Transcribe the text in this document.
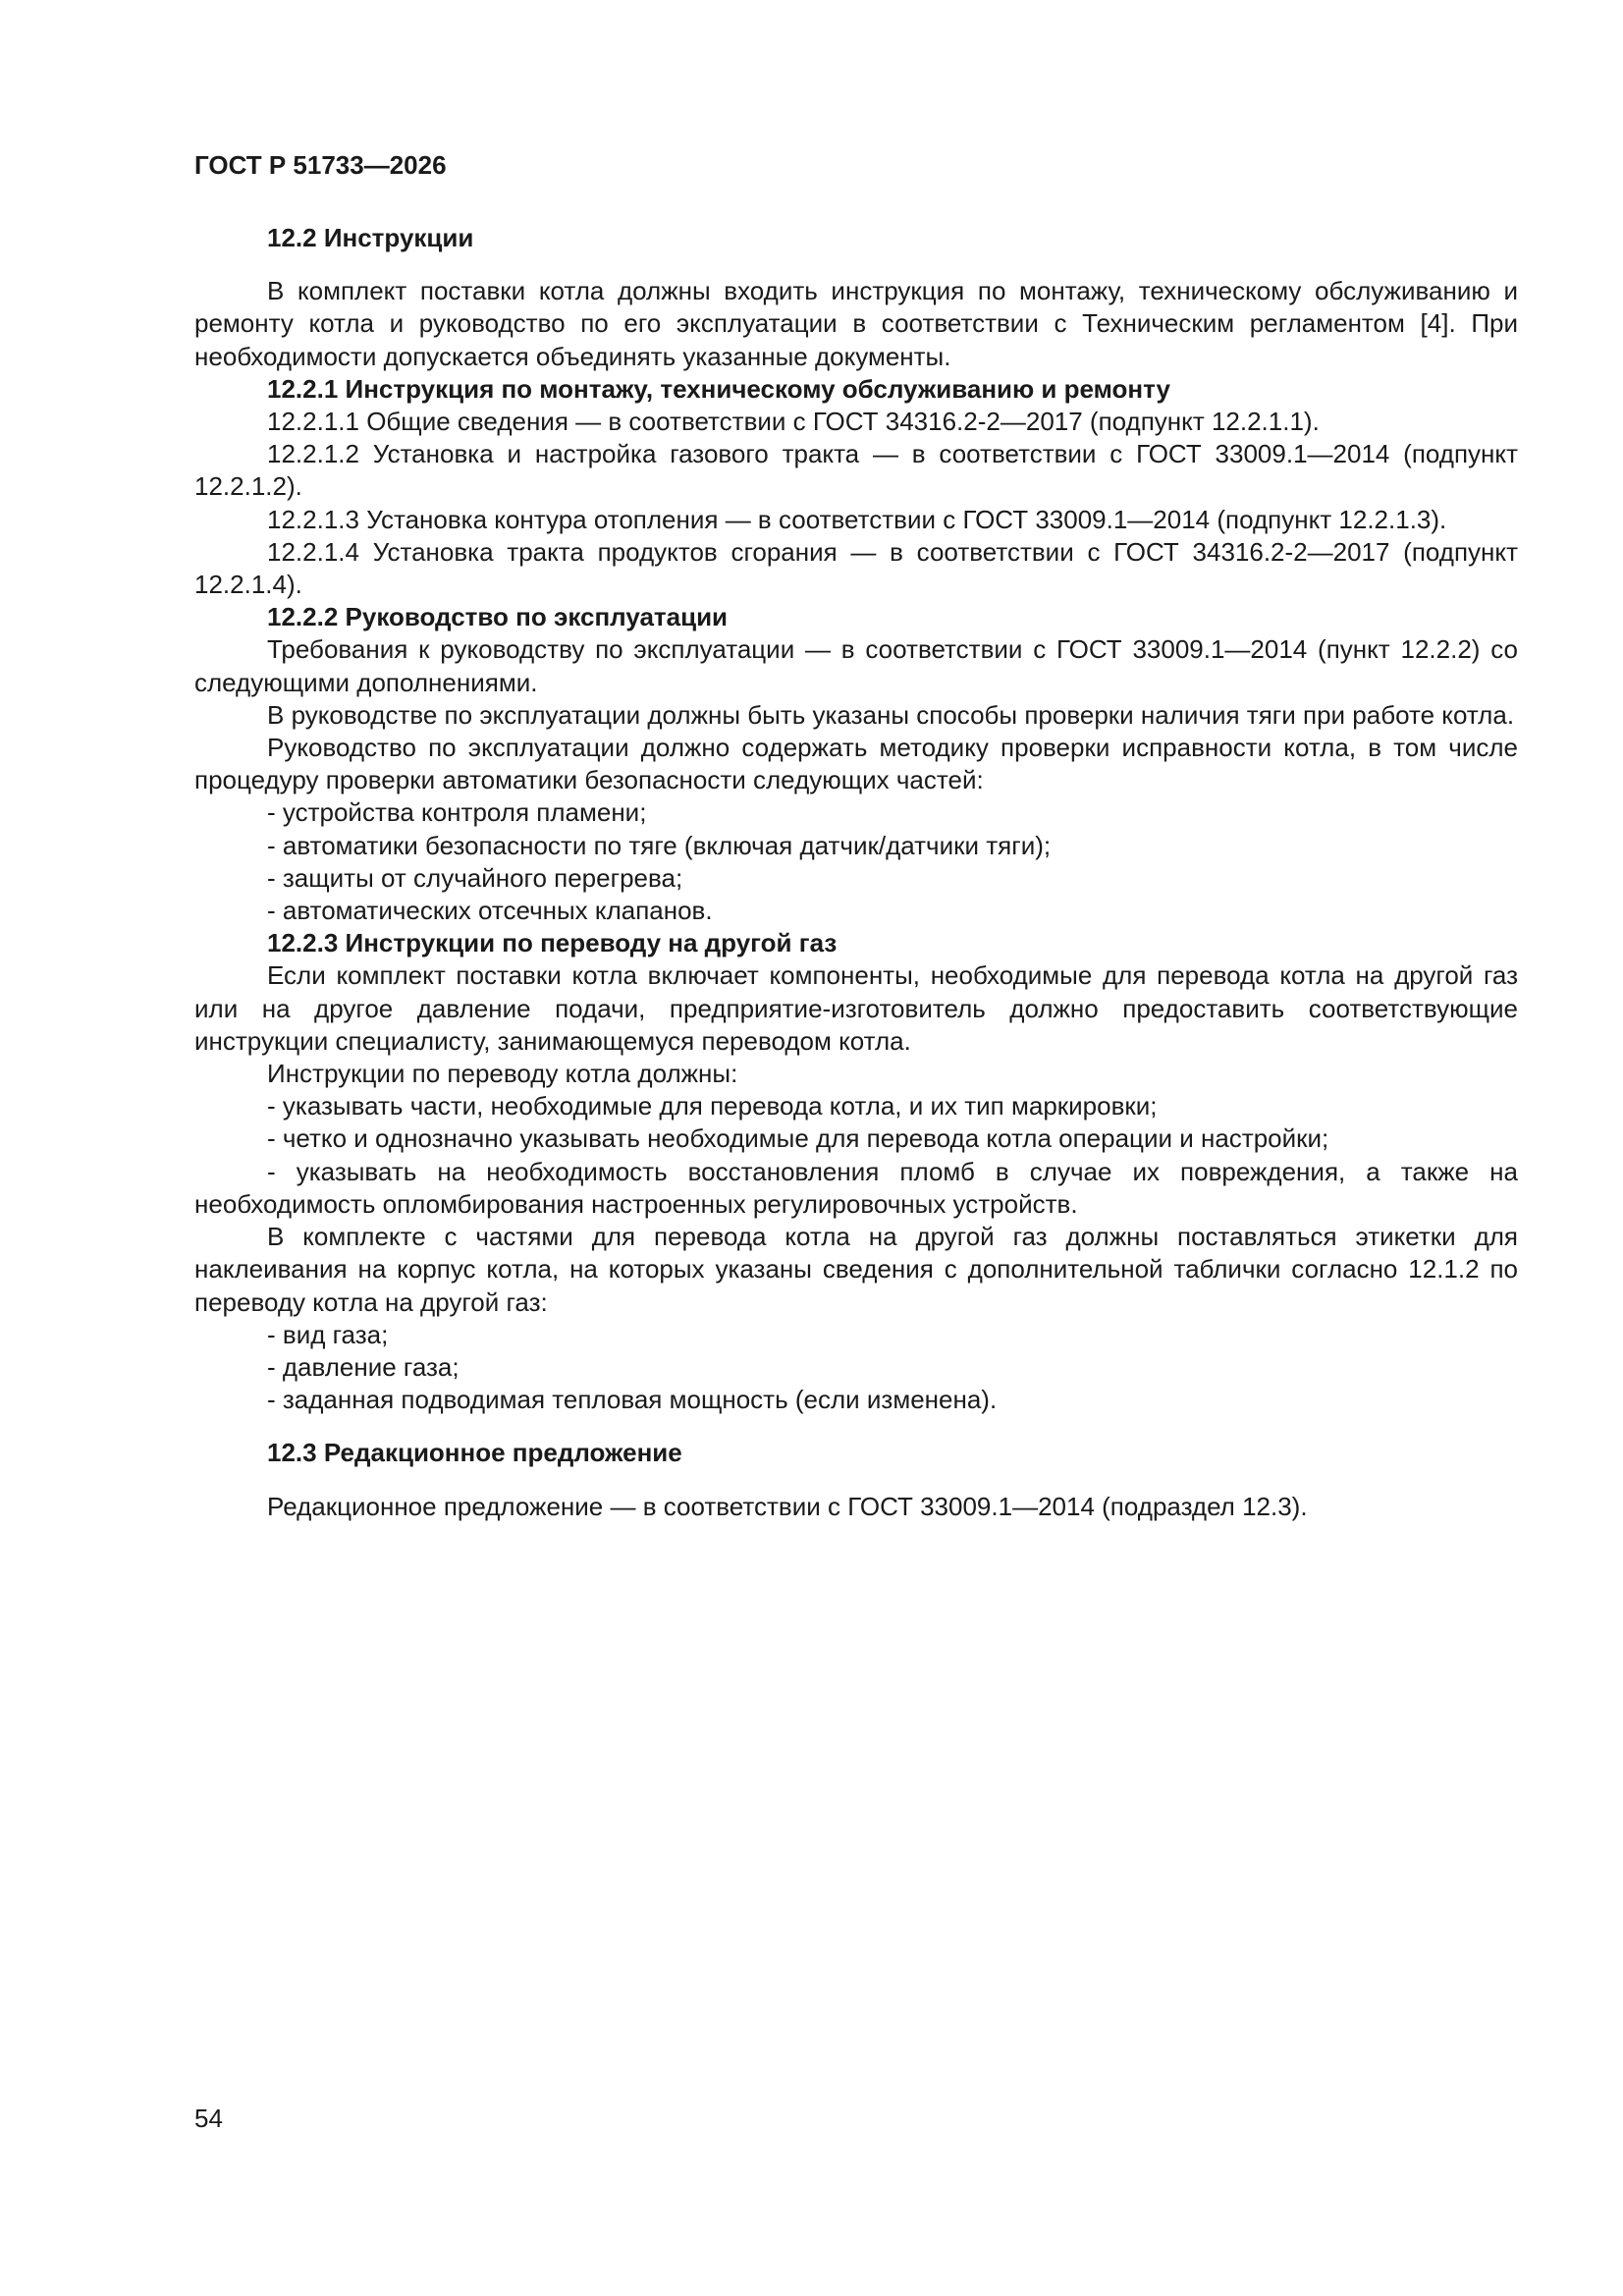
ГОСТ Р 51733—2026

12.2 Инструкции

В комплект поставки котла должны входить инструкция по монтажу, техническому обслуживанию и ремонту котла и руководство по его эксплуатации в соответствии с Техническим регламентом [4]. При необходимости допускается объединять указанные документы.

12.2.1 Инструкция по монтажу, техническому обслуживанию и ремонту

12.2.1.1 Общие сведения — в соответствии с ГОСТ 34316.2-2—2017 (подпункт 12.2.1.1).

12.2.1.2 Установка и настройка газового тракта — в соответствии с ГОСТ 33009.1—2014 (подпункт 12.2.1.2).

12.2.1.3 Установка контура отопления — в соответствии с ГОСТ 33009.1—2014 (подпункт 12.2.1.3).

12.2.1.4 Установка тракта продуктов сгорания — в соответствии с ГОСТ 34316.2-2—2017 (подпункт 12.2.1.4).

12.2.2 Руководство по эксплуатации

Требования к руководству по эксплуатации — в соответствии с ГОСТ 33009.1—2014 (пункт 12.2.2) со следующими дополнениями.

В руководстве по эксплуатации должны быть указаны способы проверки наличия тяги при работе котла.

Руководство по эксплуатации должно содержать методику проверки исправности котла, в том числе процедуру проверки автоматики безопасности следующих частей:

- устройства контроля пламени;

- автоматики безопасности по тяге (включая датчик/датчики тяги);

- защиты от случайного перегрева;

- автоматических отсечных клапанов.

12.2.3 Инструкции по переводу на другой газ

Если комплект поставки котла включает компоненты, необходимые для перевода котла на другой газ или на другое давление подачи, предприятие-изготовитель должно предоставить соответствующие инструкции специалисту, занимающемуся переводом котла.

Инструкции по переводу котла должны:

- указывать части, необходимые для перевода котла, и их тип маркировки;

- четко и однозначно указывать необходимые для перевода котла операции и настройки;

- указывать на необходимость восстановления пломб в случае их повреждения, а также на необходимость опломбирования настроенных регулировочных устройств.

В комплекте с частями для перевода котла на другой газ должны поставляться этикетки для наклеивания на корпус котла, на которых указаны сведения с дополнительной таблички согласно 12.1.2 по переводу котла на другой газ:

- вид газа;

- давление газа;

- заданная подводимая тепловая мощность (если изменена).

12.3 Редакционное предложение

Редакционное предложение — в соответствии с ГОСТ 33009.1—2014 (подраздел 12.3).

54
